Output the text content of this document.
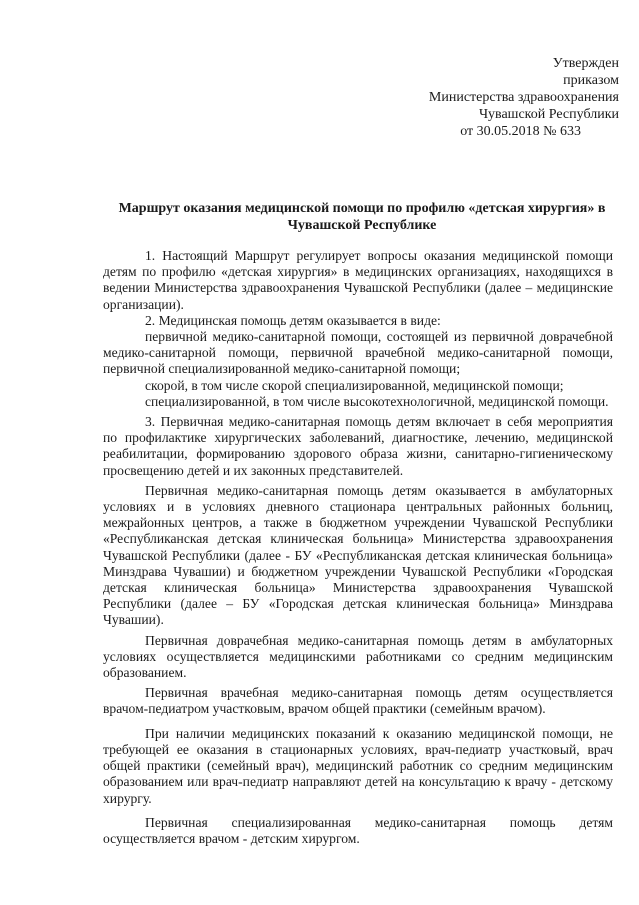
Утвержден
приказом
Министерства здравоохранения
Чувашской Республики
от 30.05.2018 № 633
Маршрут оказания медицинской помощи по профилю «детская хирургия» в Чувашской Республике

1. Настоящий Маршрут регулирует вопросы оказания медицинской помощи детям по профилю «детская хирургия» в медицинских организациях, находящихся в ведении Министерства здравоохранения Чувашской Республики (далее – медицинские организации).

2. Медицинская помощь детям оказывается в виде:

первичной медико-санитарной помощи, состоящей из первичной доврачебной медико-санитарной помощи, первичной врачебной медико-санитарной помощи, первичной специализированной медико-санитарной помощи;

скорой, в том числе скорой специализированной, медицинской помощи;

специализированной, в том числе высокотехнологичной, медицинской помощи.

3. Первичная медико-санитарная помощь детям включает в себя мероприятия по профилактике хирургических заболеваний, диагностике, лечению, медицинской реабилитации, формированию здорового образа жизни, санитарно-гигиеническому просвещению детей и их законных представителей.

Первичная медико-санитарная помощь детям оказывается в амбулаторных условиях и в условиях дневного стационара центральных районных больниц, межрайонных центров, а также в бюджетном учреждении Чувашской Республики «Республиканская детская клиническая больница» Министерства здравоохранения Чувашской Республики (далее - БУ «Республиканская детская клиническая больница» Минздрава Чувашии) и бюджетном учреждении Чувашской Республики «Городская детская клиническая больница» Министерства здравоохранения Чувашской Республики (далее – БУ «Городская детская клиническая больница» Минздрава Чувашии).

Первичная доврачебная медико-санитарная помощь детям в амбулаторных условиях осуществляется медицинскими работниками со средним медицинским образованием.

Первичная врачебная медико-санитарная помощь детям осуществляется врачом-педиатром участковым, врачом общей практики (семейным врачом).

При наличии медицинских показаний к оказанию медицинской помощи, не требующей ее оказания в стационарных условиях, врач-педиатр участковый, врач общей практики (семейный врач), медицинский работник со средним медицинским образованием или врач-педиатр направляют детей на консультацию к врачу - детскому хирургу.

Первичная специализированная медико-санитарная помощь детям осуществляется врачом - детским хирургом.
